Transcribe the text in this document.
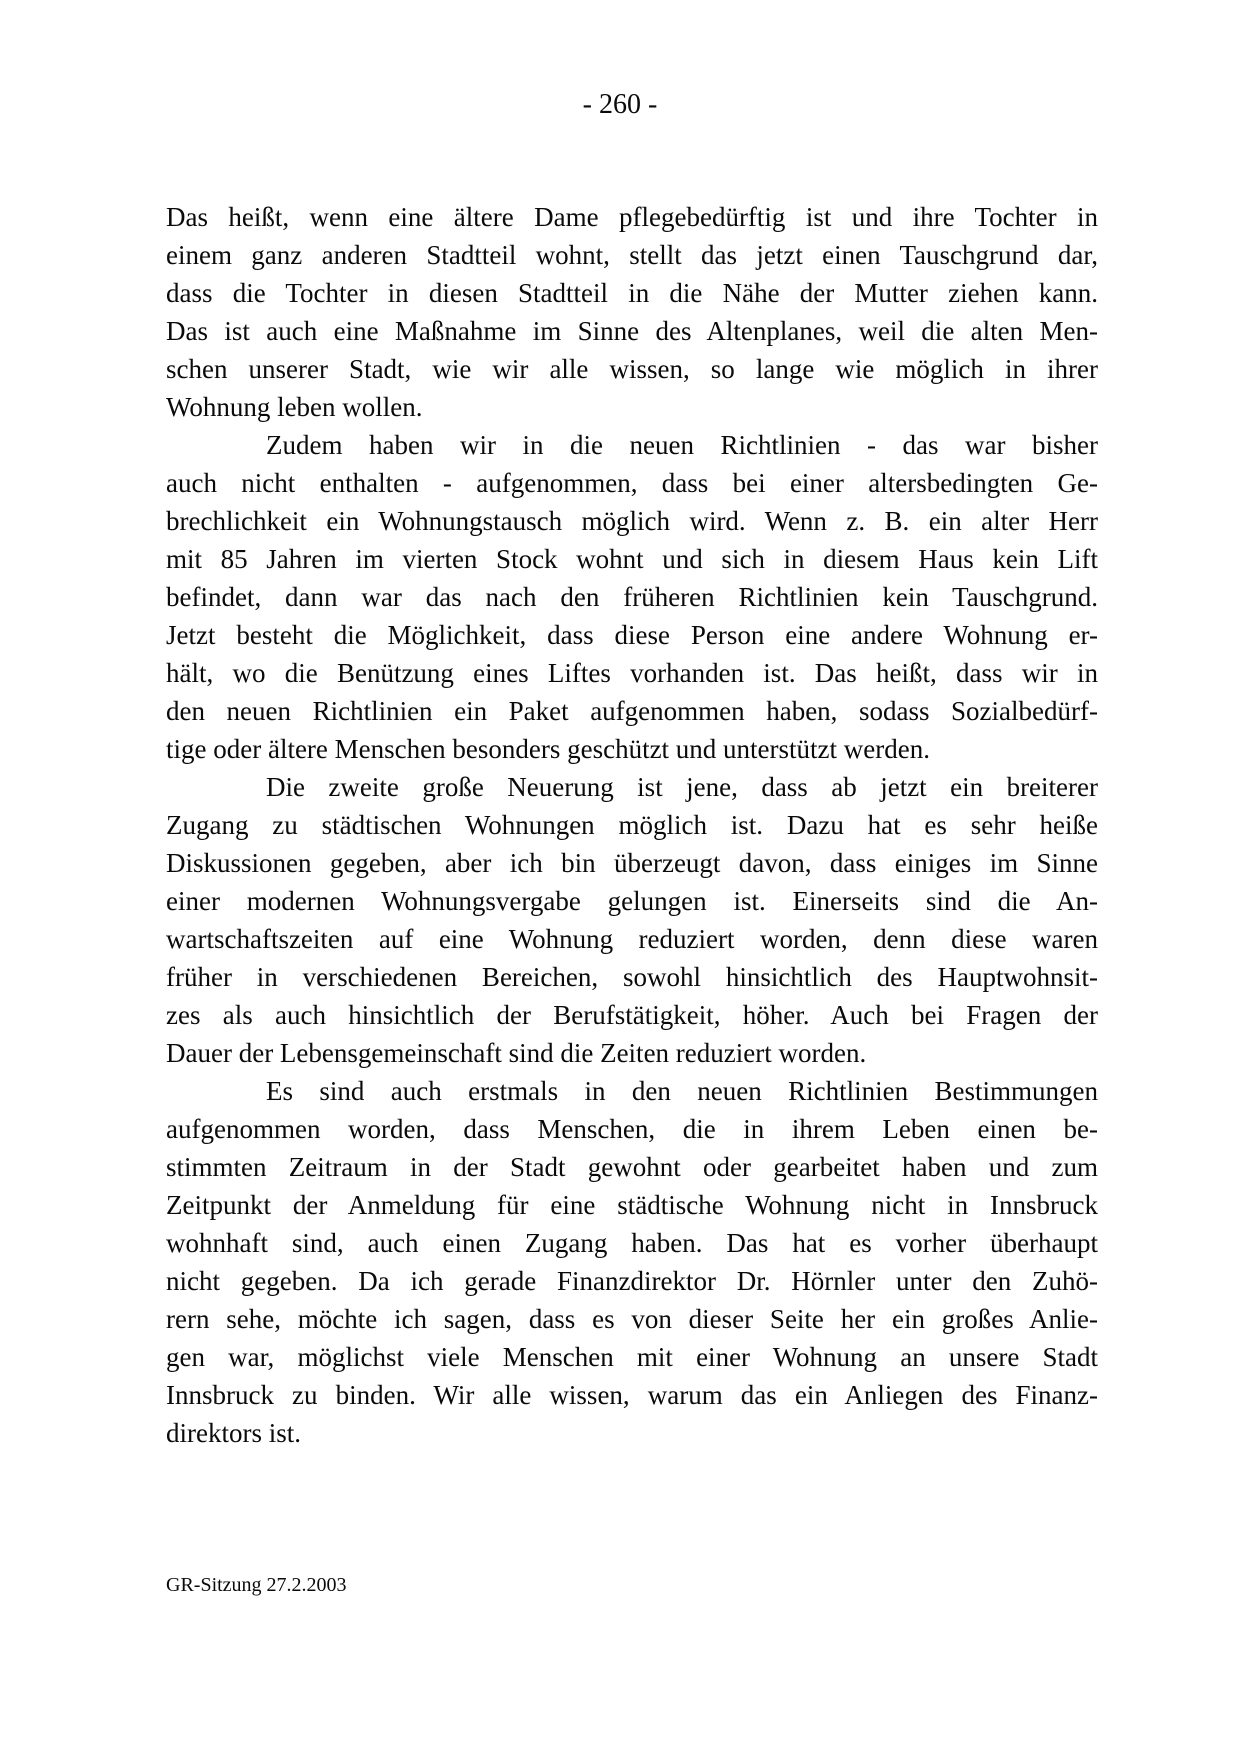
- 260 -
Das heißt, wenn eine ältere Dame pflegebedürftig ist und ihre Tochter in
einem ganz anderen Stadtteil wohnt, stellt das jetzt einen Tauschgrund dar,
dass die Tochter in diesen Stadtteil in die Nähe der Mutter ziehen kann.
Das ist auch eine Maßnahme im Sinne des Altenplanes, weil die alten Men-
schen unserer Stadt, wie wir alle wissen, so lange wie möglich in ihrer
Wohnung leben wollen.
Zudem haben wir in die neuen Richtlinien - das war bisher
auch nicht enthalten - aufgenommen, dass bei einer altersbedingten Ge-
brechlichkeit ein Wohnungstausch möglich wird. Wenn z. B. ein alter Herr
mit 85 Jahren im vierten Stock wohnt und sich in diesem Haus kein Lift
befindet, dann war das nach den früheren Richtlinien kein Tauschgrund.
Jetzt besteht die Möglichkeit, dass diese Person eine andere Wohnung er-
hält, wo die Benützung eines Liftes vorhanden ist. Das heißt, dass wir in
den neuen Richtlinien ein Paket aufgenommen haben, sodass Sozialbedürf-
tige oder ältere Menschen besonders geschützt und unterstützt werden.
Die zweite große Neuerung ist jene, dass ab jetzt ein breiterer
Zugang zu städtischen Wohnungen möglich ist. Dazu hat es sehr heiße
Diskussionen gegeben, aber ich bin überzeugt davon, dass einiges im Sinne
einer modernen Wohnungsvergabe gelungen ist. Einerseits sind die An-
wartschaftszeiten auf eine Wohnung reduziert worden, denn diese waren
früher in verschiedenen Bereichen, sowohl hinsichtlich des Hauptwohnsit-
zes als auch hinsichtlich der Berufstätigkeit, höher. Auch bei Fragen der
Dauer der Lebensgemeinschaft sind die Zeiten reduziert worden.
Es sind auch erstmals in den neuen Richtlinien Bestimmungen
aufgenommen worden, dass Menschen, die in ihrem Leben einen be-
stimmten Zeitraum in der Stadt gewohnt oder gearbeitet haben und zum
Zeitpunkt der Anmeldung für eine städtische Wohnung nicht in Innsbruck
wohnhaft sind, auch einen Zugang haben. Das hat es vorher überhaupt
nicht gegeben. Da ich gerade Finanzdirektor Dr. Hörnler unter den Zuhö-
rern sehe, möchte ich sagen, dass es von dieser Seite her ein großes Anlie-
gen war, möglichst viele Menschen mit einer Wohnung an unsere Stadt
Innsbruck zu binden. Wir alle wissen, warum das ein Anliegen des Finanz-
direktors ist.
GR-Sitzung 27.2.2003
